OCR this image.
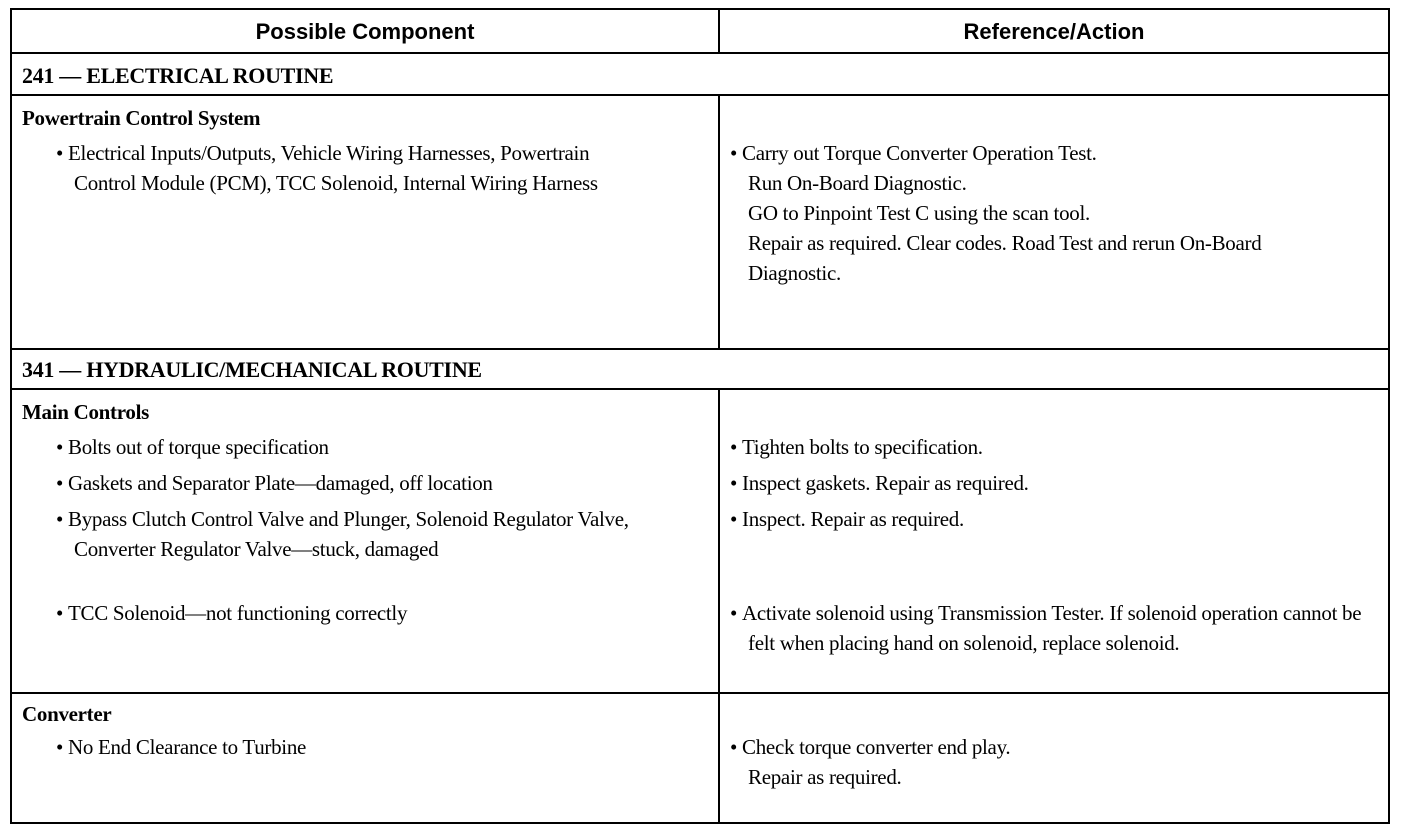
Possible Component	Reference/Action
241 — ELECTRICAL ROUTINE
Powertrain Control System
• Electrical Inputs/Outputs, Vehicle Wiring Harnesses, Powertrain Control Module (PCM), TCC Solenoid, Internal Wiring Harness
• Carry out Torque Converter Operation Test.
Run On-Board Diagnostic.
GO to Pinpoint Test C using the scan tool.
Repair as required. Clear codes. Road Test and rerun On-Board Diagnostic.
341 — HYDRAULIC/MECHANICAL ROUTINE
Main Controls
• Bolts out of torque specification
• Gaskets and Separator Plate—damaged, off location
• Bypass Clutch Control Valve and Plunger, Solenoid Regulator Valve, Converter Regulator Valve—stuck, damaged
• TCC Solenoid—not functioning correctly
• Tighten bolts to specification.
• Inspect gaskets. Repair as required.
• Inspect. Repair as required.
• Activate solenoid using Transmission Tester. If solenoid operation cannot be felt when placing hand on solenoid, replace solenoid.
Converter
• No End Clearance to Turbine
•	Check torque converter end play.
Repair as required.
